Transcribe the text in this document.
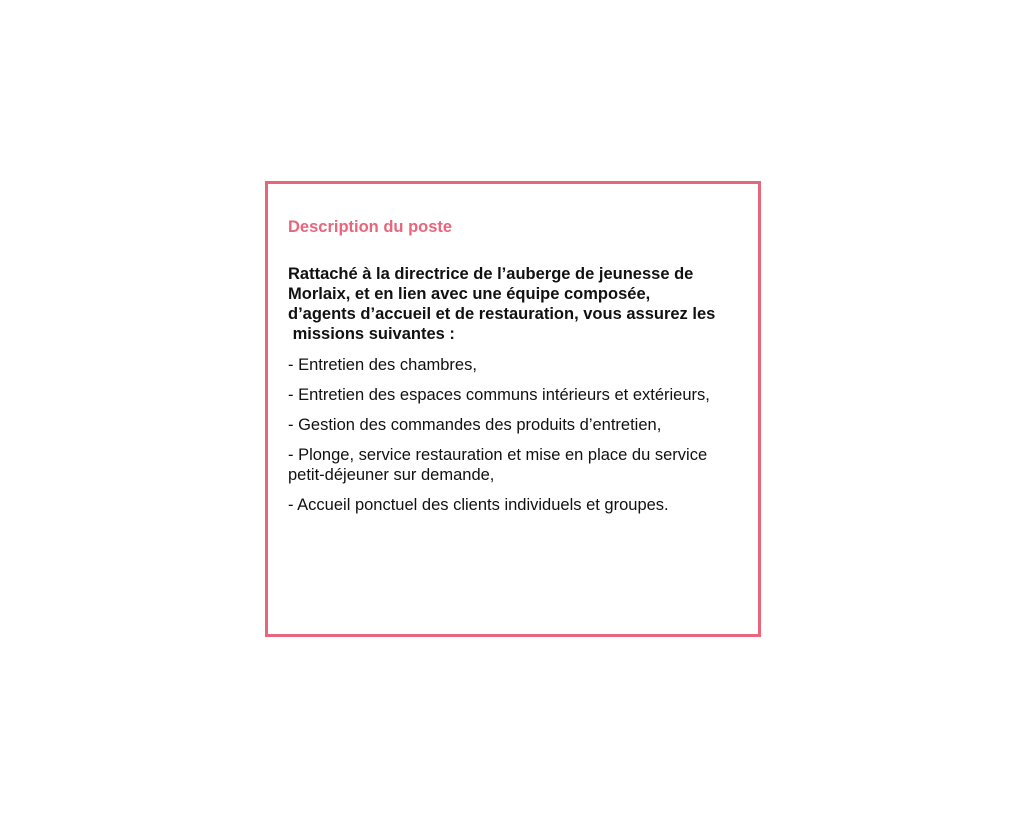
Description du poste

Rattaché à la directrice de l’auberge de jeunesse de
Morlaix, et en lien avec une équipe composée,
d’agents d’accueil et de restauration, vous assurez les
missions suivantes :

- Entretien des chambres,
- Entretien des espaces communs intérieurs et extérieurs,
- Gestion des commandes des produits d’entretien,
- Plonge, service restauration et mise en place du service
petit-déjeuner sur demande,
- Accueil ponctuel des clients individuels et groupes.
